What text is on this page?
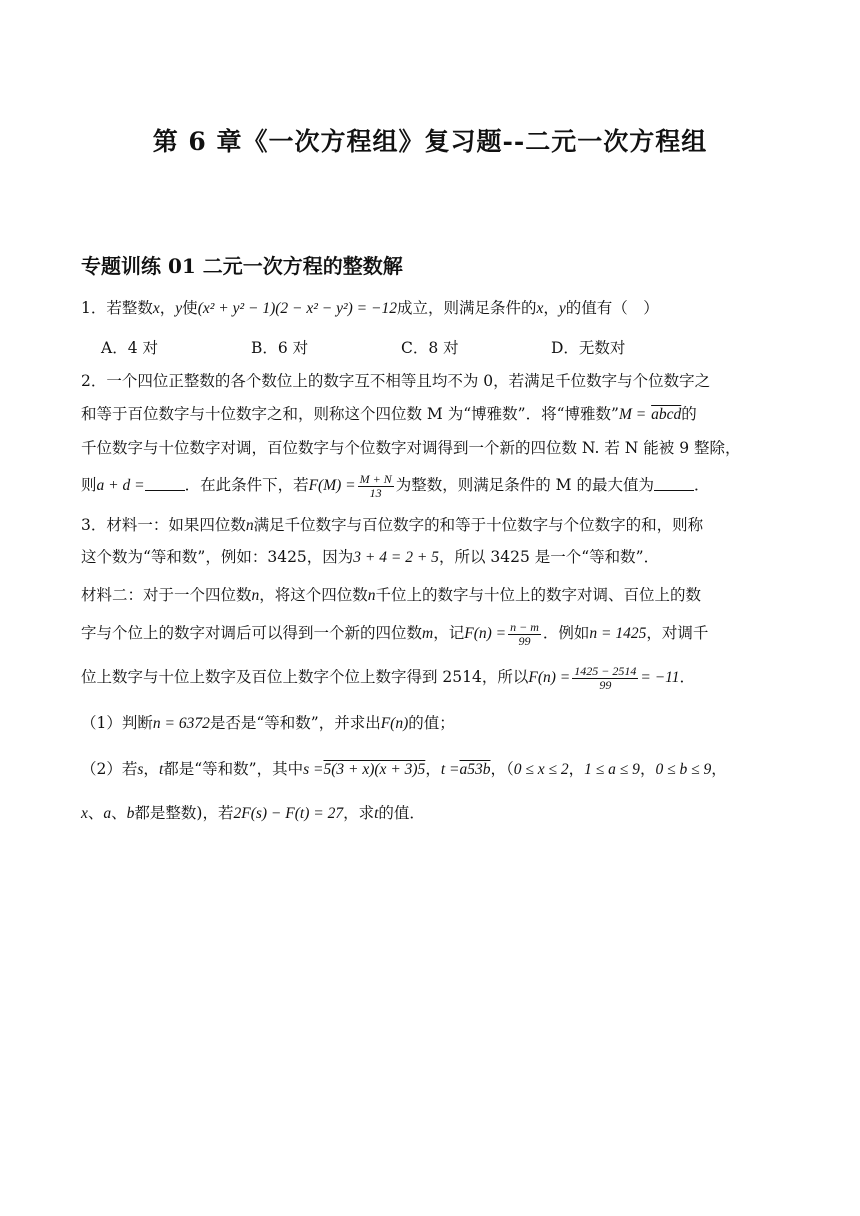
第 6 章《一次方程组》复习题--二元一次方程组
专题训练 01 二元一次方程的整数解
1．若整数x，y使(x² + y² − 1)(2 − x² − y²) = −12成立，则满足条件的x，y的值有（　）
A．4 对	B．6 对	C．8 对	D．无数对
2．一个四位正整数的各个数位上的数字互不相等且均不为 0，若满足千位数字与个位数字之
和等于百位数字与十位数字之和，则称这个四位数 M 为“博雅数”．将“博雅数”M = abcd的
千位数字与十位数字对调，百位数字与个位数字对调得到一个新的四位数 N. 若 N 能被 9 整除，
则a + d =	．在此条件下，若$F(M) = \frac{M + N}{13}$ 为整数，则满足条件的 M 的最大值为	．
3．材料一：如果四位数n满足千位数字与百位数字的和等于十位数字与个位数字的和，则称
这个数为“等和数”，例如：3425，因为3 + 4 = 2 + 5，所以 3425 是一个“等和数”．
材料二：对于一个四位数n，将这个四位数n千位上的数字与十位上的数字对调、百位上的数
字与个位上的数字对调后可以得到一个新的四位数m，记$F(n) = \frac{n - m}{99}$ ．例如n = 1425，对调千
位上数字与十位上数字及百位上数字个位上数字得到 2514，所以$F(n) = \frac{1425 - 2514}{99} = -11$．
（1）判断n = 6372是否是“等和数”，并求出F(n)的值；
（2）若s，t都是“等和数”，其中s =5(3 + x)(x + 3)5，t =a53b，（0 ≤ x ≤ 2，1 ≤ a ≤ 9，0 ≤ b ≤ 9，
x、a、b都是整数)，若2F(s) − F(t) = 27，求t的值．
